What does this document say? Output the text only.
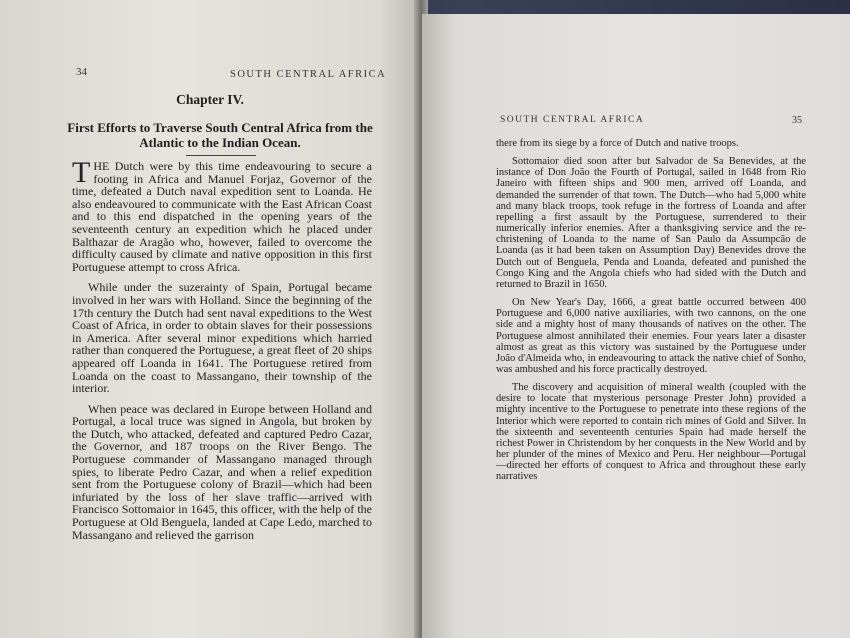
34	SOUTH CENTRAL AFRICA
Chapter IV.
First Efforts to Traverse South Central Africa from the Atlantic to the Indian Ocean.

THE Dutch were by this time endeavouring to secure a footing in Africa and Manuel Forjaz, Governor of the time, defeated a Dutch naval expedition sent to Loanda. He also endeavoured to communicate with the East African Coast and to this end dispatched in the opening years of the seventeenth century an expedition which he placed under Balthazar de Aragão who, however, failed to overcome the difficulty caused by climate and native opposition in this first Portuguese attempt to cross Africa.

While under the suzerainty of Spain, Portugal became involved in her wars with Holland. Since the beginning of the 17th century the Dutch had sent naval expeditions to the West Coast of Africa, in order to obtain slaves for their possessions in America. After several minor expeditions which harried rather than conquered the Portuguese, a great fleet of 20 ships appeared off Loanda in 1641. The Portuguese retired from Loanda on the coast to Massangano, their township of the interior.

When peace was declared in Europe between Holland and Portugal, a local truce was signed in Angola, but broken by the Dutch, who attacked, defeated and captured Pedro Cazar, the Governor, and 187 troops on the River Bengo. The Portuguese commander of Massangano managed through spies, to liberate Pedro Cazar, and when a relief expedition sent from the Portuguese colony of Brazil—which had been infuriated by the loss of her slave traffic—arrived with Francisco Sottomaior in 1645, this officer, with the help of the Portuguese at Old Benguela, landed at Cape Ledo, marched to Massangano and relieved the garrison

SOUTH CENTRAL AFRICA	35

there from its siege by a force of Dutch and native troops.

Sottomaior died soon after but Salvador de Sa Benevides, at the instance of Don João the Fourth of Portugal, sailed in 1648 from Rio Janeiro with fifteen ships and 900 men, arrived off Loanda, and demanded the surrender of that town. The Dutch—who had 5,000 white and many black troops, took refuge in the fortress of Loanda and after repelling a first assault by the Portuguese, surrendered to their numerically inferior enemies. After a thanksgiving service and the re-christening of Loanda to the name of San Paulo da Assumpcão de Loanda (as it had been taken on Assumption Day) Benevides drove the Dutch out of Benguela, Penda and Loanda, defeated and punished the Congo King and the Angola chiefs who had sided with the Dutch and returned to Brazil in 1650.

On New Year's Day, 1666, a great battle occurred between 400 Portuguese and 6,000 native auxiliaries, with two cannons, on the one side and a mighty host of many thousands of natives on the other. The Portuguese almost annihilated their enemies. Four years later a disaster almost as great as this victory was sustained by the Portuguese under João d'Almeida who, in endeavouring to attack the native chief of Sonho, was ambushed and his force practically destroyed.

The discovery and acquisition of mineral wealth (coupled with the desire to locate that mysterious personage Prester John) provided a mighty incentive to the Portuguese to penetrate into these regions of the Interior which were reported to contain rich mines of Gold and Silver. In the sixteenth and seventeenth centuries Spain had made herself the richest Power in Christendom by her conquests in the New World and by her plunder of the mines of Mexico and Peru. Her neighbour—Portugal—directed her efforts of conquest to Africa and throughout these early narratives
